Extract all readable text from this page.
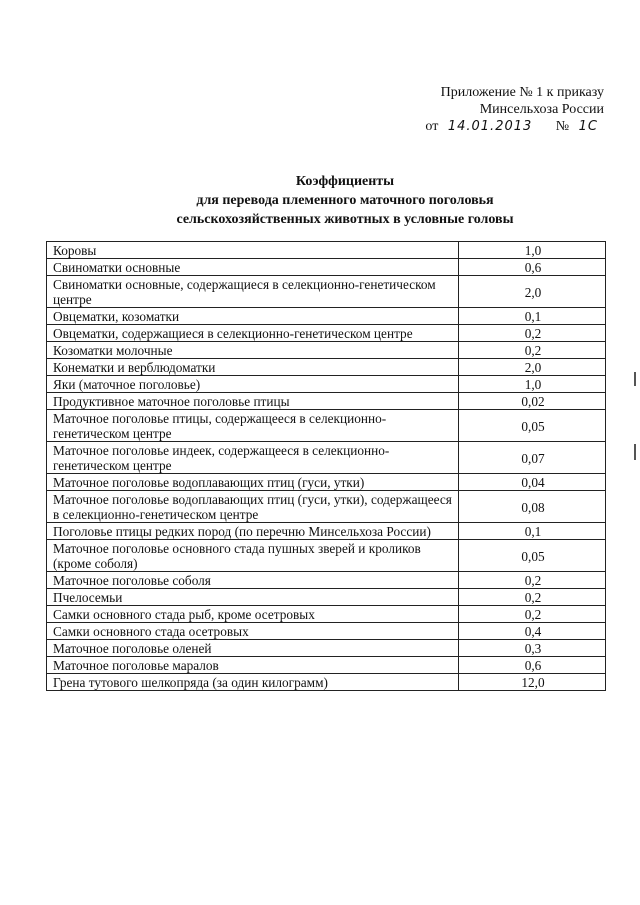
Приложение № 1 к приказу
Минсельхоза России
от 14.01.2013 № 1С
Коэффициенты
для перевода племенного маточного поголовья
сельскохозяйственных животных в условные головы
Коровы	1,0
Свиноматки основные	0,6
Свиноматки основные, содержащиеся в селекционно-генетическом центре	2,0
Овцематки, козоматки	0,1
Овцематки, содержащиеся в селекционно-генетическом центре	0,2
Козоматки молочные	0,2
Конематки и верблюдоматки	2,0
Яки (маточное поголовье)	1,0
Продуктивное маточное поголовье птицы	0,02
Маточное поголовье птицы, содержащееся в селекционно-генетическом центре	0,05
Маточное поголовье индеек, содержащееся в селекционно-генетическом центре	0,07
Маточное поголовье водоплавающих птиц (гуси, утки)	0,04
Маточное поголовье водоплавающих птиц (гуси, утки), содержащееся в селекционно-генетическом центре	0,08
Поголовье птицы редких пород (по перечню Минсельхоза России)	0,1
Маточное поголовье основного стада пушных зверей и кроликов (кроме соболя)	0,05
Маточное поголовье соболя	0,2
Пчелосемьи	0,2
Самки основного стада рыб, кроме осетровых	0,2
Самки основного стада осетровых	0,4
Маточное поголовье оленей	0,3
Маточное поголовье маралов	0,6
Грена тутового шелкопряда (за один килограмм)	12,0
